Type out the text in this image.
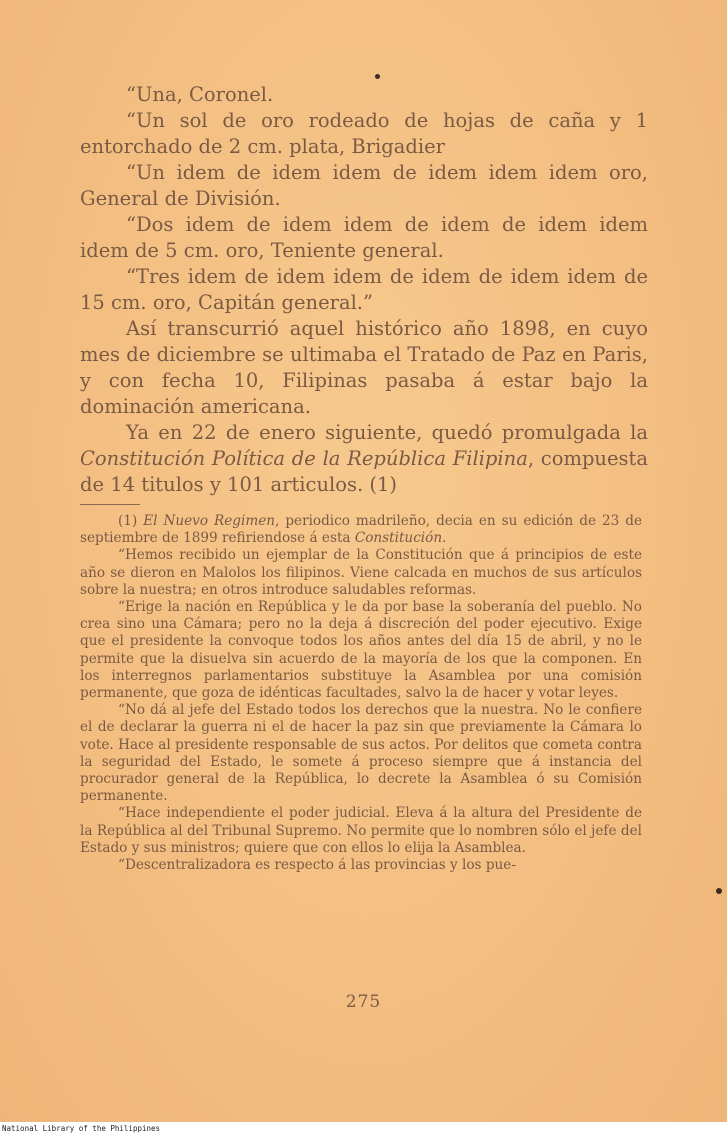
“Una, Coronel.

“Un sol de oro rodeado de hojas de caña y 1 entorchado de 2 cm. plata, Brigadier

“Un idem de idem idem de idem idem idem oro, General de División.

“Dos idem de idem idem de idem de idem idem idem de 5 cm. oro, Teniente general.

“Tres idem de idem idem de idem de idem idem de 15 cm. oro, Capitán general.”

Así transcurrió aquel histórico año 1898, en cuyo mes de diciembre se ultimaba el Tratado de Paz en Paris, y con fecha 10, Filipinas pasaba á estar bajo la dominación americana.

Ya en 22 de enero siguiente, quedó promulgada la Constitución Política de la República Filipina, compuesta de 14 titulos y 101 articulos. (1)

(1) El Nuevo Regimen, periodico madrileño, decia en su edición de 23 de septiembre de 1899 refiriendose á esta Constitución.

“Hemos recibido un ejemplar de la Constitución que á principios de este año se dieron en Malolos los filipinos. Viene calcada en muchos de sus artículos sobre la nuestra; en otros introduce saludables reformas.

“Erige la nación en República y le da por base la soberanía del pueblo. No crea sino una Cámara; pero no la deja á discreción del poder ejecutivo. Exige que el presidente la convoque todos los años antes del día 15 de abril, y no le permite que la disuelva sin acuerdo de la mayoría de los que la componen. En los interregnos parlamentarios substituye la Asamblea por una comisión permanente, que goza de idénticas facultades, salvo la de hacer y votar leyes.

“No dá al jefe del Estado todos los derechos que la nuestra. No le confiere el de declarar la guerra ni el de hacer la paz sin que previamente la Cámara lo vote. Hace al presidente responsable de sus actos. Por delitos que cometa contra la seguridad del Estado, le somete á proceso siempre que á instancia del procurador general de la República, lo decrete la Asamblea ó su Comisión permanente.

“Hace independiente el poder judicial. Eleva á la altura del Presidente de la República al del Tribunal Supremo. No permite que lo nombren sólo el jefe del Estado y sus ministros; quiere que con ellos lo elija la Asamblea.

“Descentralizadora es respecto á las provincias y los pue-

275
National Library of the Philippines
